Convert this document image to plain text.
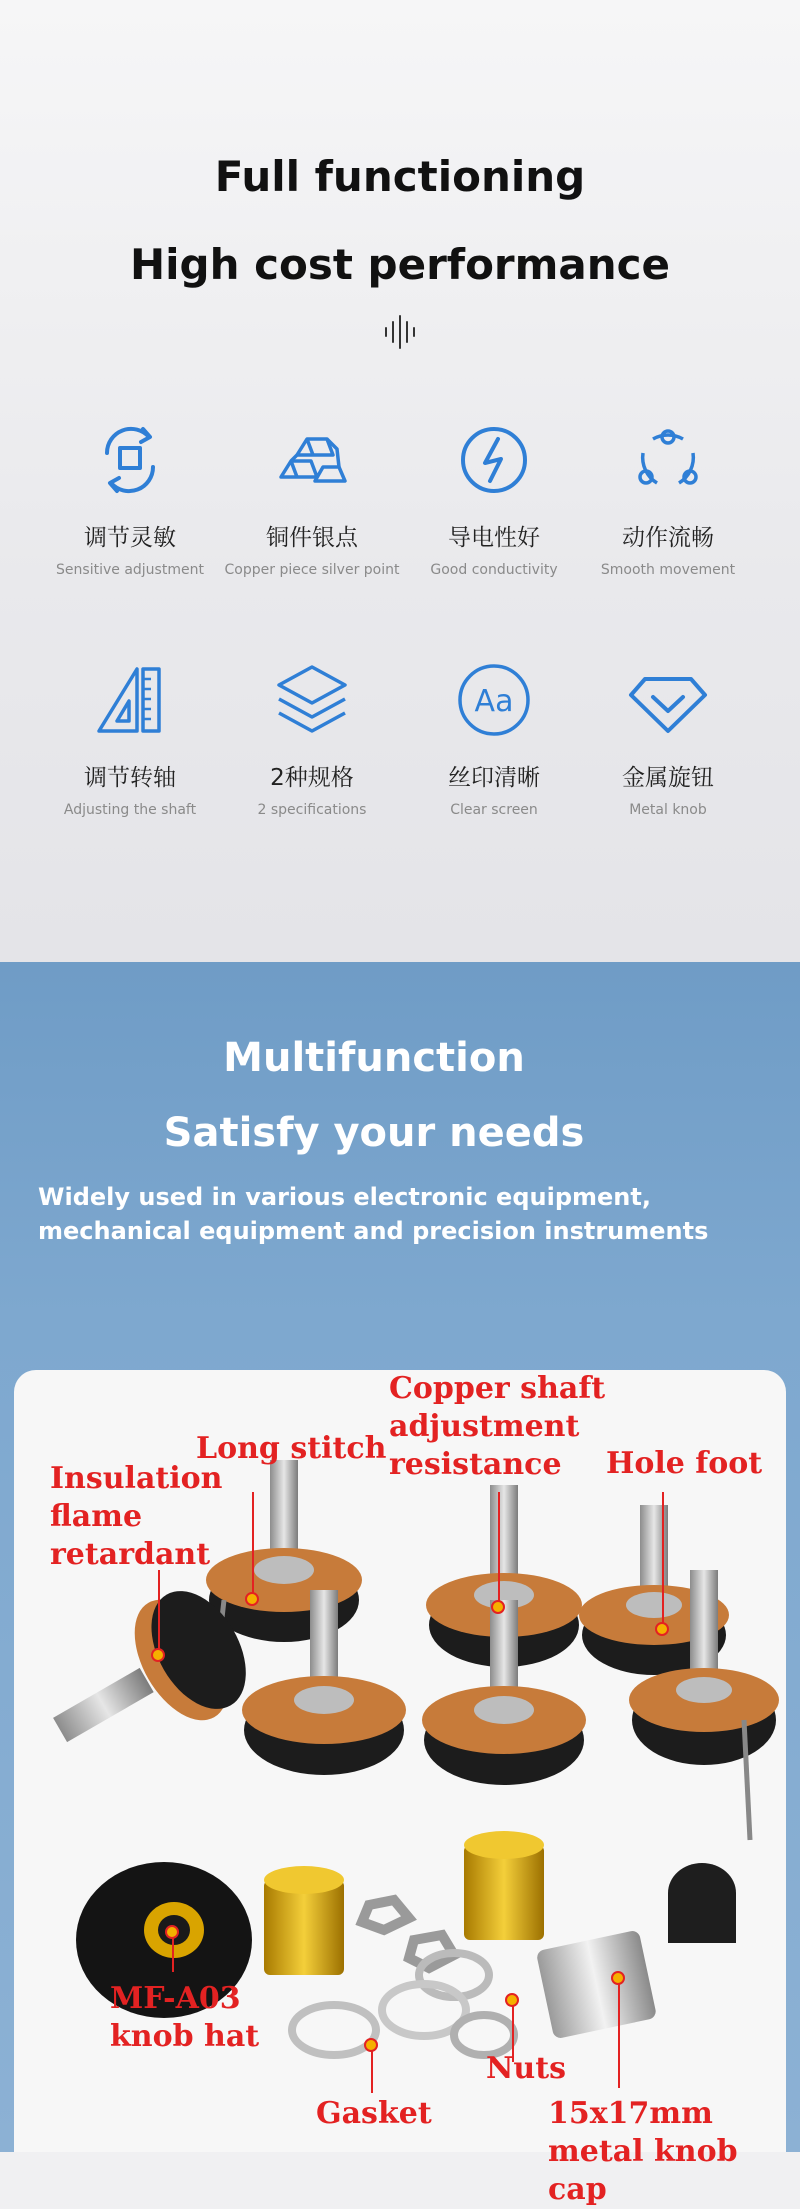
Full functioning
High cost performance
调节灵敏
Sensitive adjustment
铜件银点
Copper piece silver point
导电性好
Good conductivity
动作流畅
Smooth movement
调节转轴
Adjusting the shaft
2种规格
2 specifications
Aa
丝印清晰
Clear screen
金属旋钮
Metal knob
Multifunction
Satisfy your needs
Widely used in various electronic equipment, mechanical equipment and precision instruments
Long stitch
Copper shaft
adjustment
resistance	Hole foot
Insulation
flame
retardant
MF-A03
knob hat
Gasket
Nuts
15x17mm
metal knob cap
